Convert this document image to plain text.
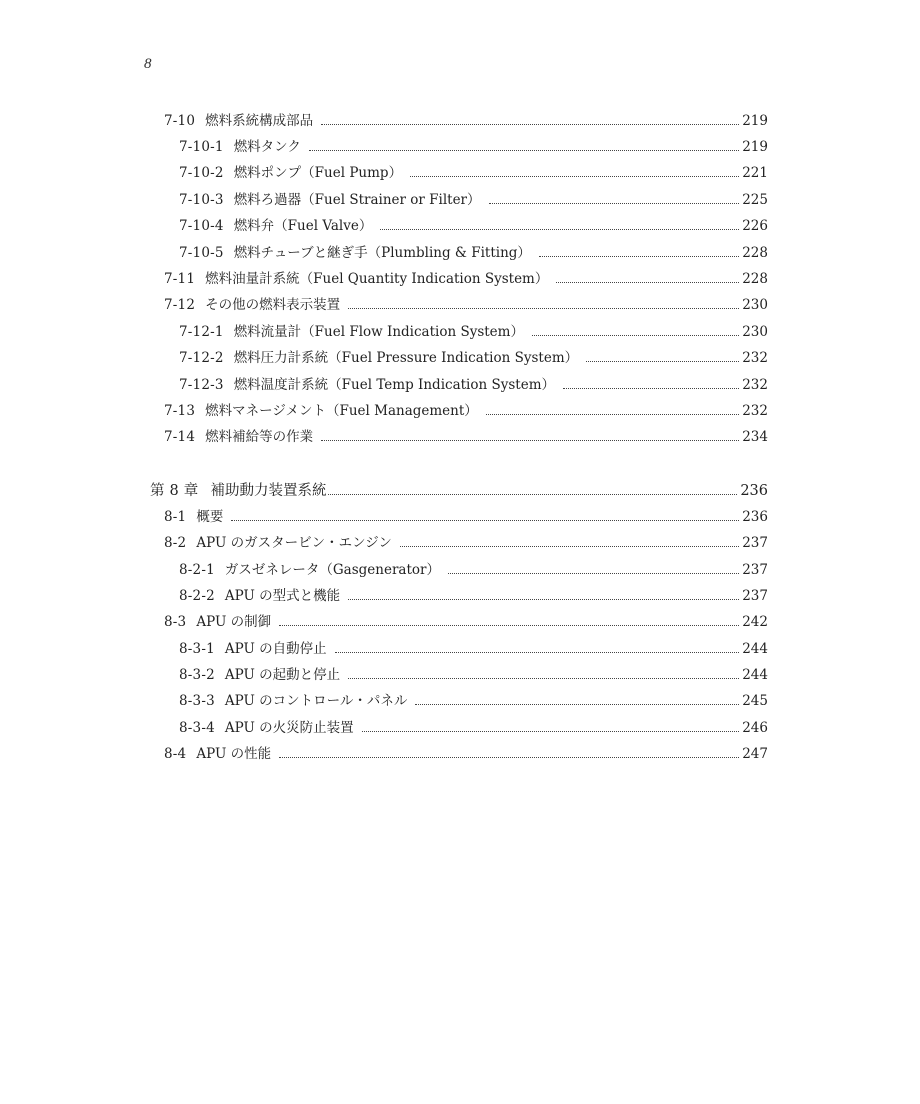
8
7-10 燃料系統構成部品	219
7-10-1 燃料タンク	219
7-10-2 燃料ポンプ（Fuel Pump）	221
7-10-3 燃料ろ過器（Fuel Strainer or Filter）	225
7-10-4 燃料弁（Fuel Valve）	226
7-10-5 燃料チューブと継ぎ手（Plumbling & Fitting）	228
7-11 燃料油量計系統（Fuel Quantity Indication System）	228
7-12 その他の燃料表示装置	230
7-12-1 燃料流量計（Fuel Flow Indication System）	230
7-12-2 燃料圧力計系統（Fuel Pressure Indication System）	232
7-12-3 燃料温度計系統（Fuel Temp Indication System）	232
7-13 燃料マネージメント（Fuel Management）	232
7-14 燃料補給等の作業	234
第 8 章 補助動力装置系統	236
8-1 概要	236
8-2 APU のガスタービン・エンジン	237
8-2-1 ガスゼネレータ（Gasgenerator）	237
8-2-2 APU の型式と機能	237
8-3 APU の制御	242
8-3-1 APU の自動停止	244
8-3-2 APU の起動と停止	244
8-3-3 APU のコントロール・パネル	245
8-3-4 APU の火災防止装置	246
8-4 APU の性能	247
